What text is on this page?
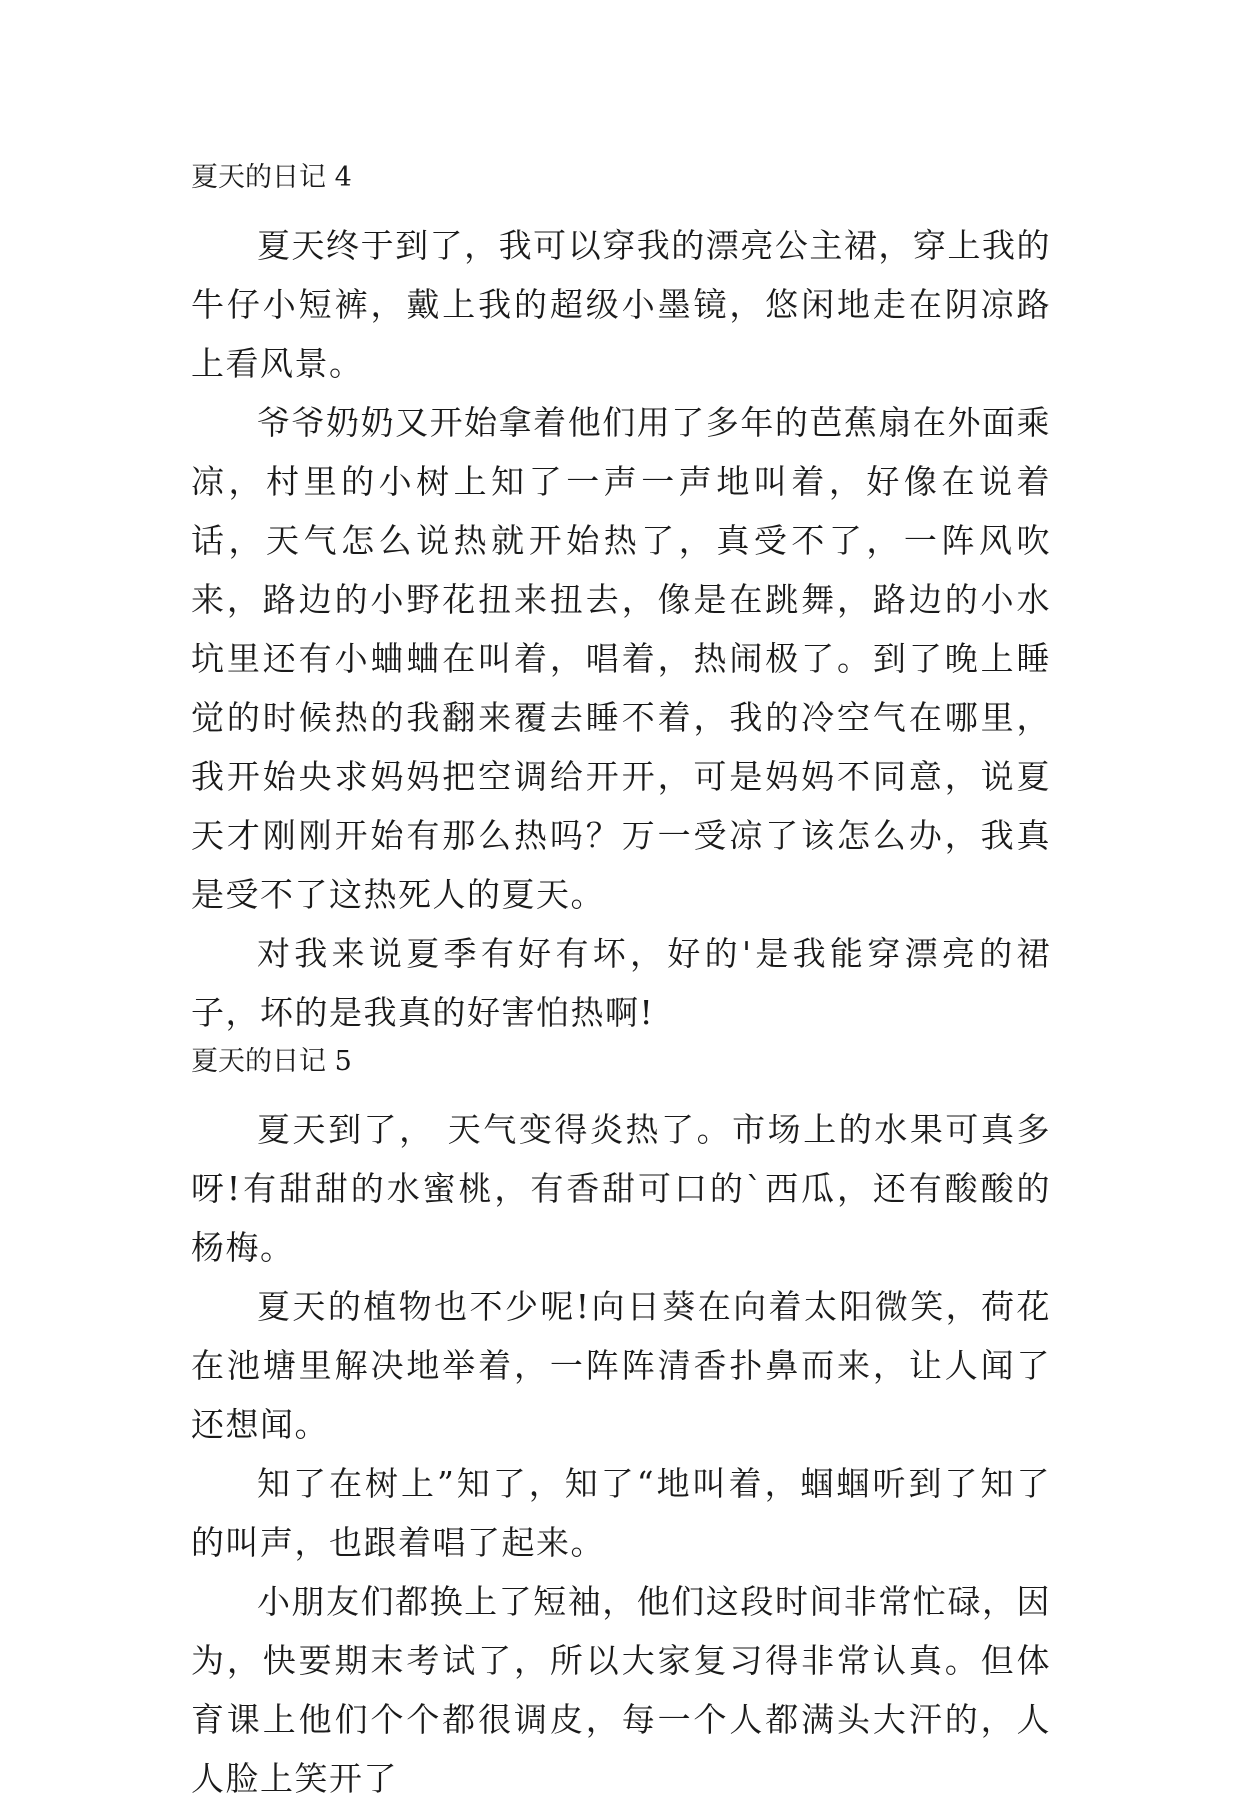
夏天的日记 4

夏天终于到了，我可以穿我的漂亮公主裙，穿上我的牛仔小短裤，戴上我的超级小墨镜，悠闲地走在阴凉路上看风景。

爷爷奶奶又开始拿着他们用了多年的芭蕉扇在外面乘凉，村里的小树上知了一声一声地叫着，好像在说着话，天气怎么说热就开始热了，真受不了，一阵风吹来，路边的小野花扭来扭去，像是在跳舞，路边的小水坑里还有小蛐蛐在叫着，唱着，热闹极了。到了晚上睡觉的时候热的我翻来覆去睡不着，我的冷空气在哪里，我开始央求妈妈把空调给开开，可是妈妈不同意，说夏天才刚刚开始有那么热吗？万一受凉了该怎么办，我真是受不了这热死人的夏天。

对我来说夏季有好有坏，好的'是我能穿漂亮的裙子，坏的是我真的好害怕热啊!

夏天的日记 5

夏天到了， 天气变得炎热了。市场上的水果可真多呀!有甜甜的水蜜桃，有香甜可口的`西瓜，还有酸酸的杨梅。

夏天的植物也不少呢!向日葵在向着太阳微笑，荷花在池塘里解决地举着，一阵阵清香扑鼻而来，让人闻了还想闻。

知了在树上”知了，知了“地叫着，蝈蝈听到了知了的叫声，也跟着唱了起来。

小朋友们都换上了短袖，他们这段时间非常忙碌，因为，快要期末考试了，所以大家复习得非常认真。但体育课上他们个个都很调皮，每一个人都满头大汗的，人人脸上笑开了
